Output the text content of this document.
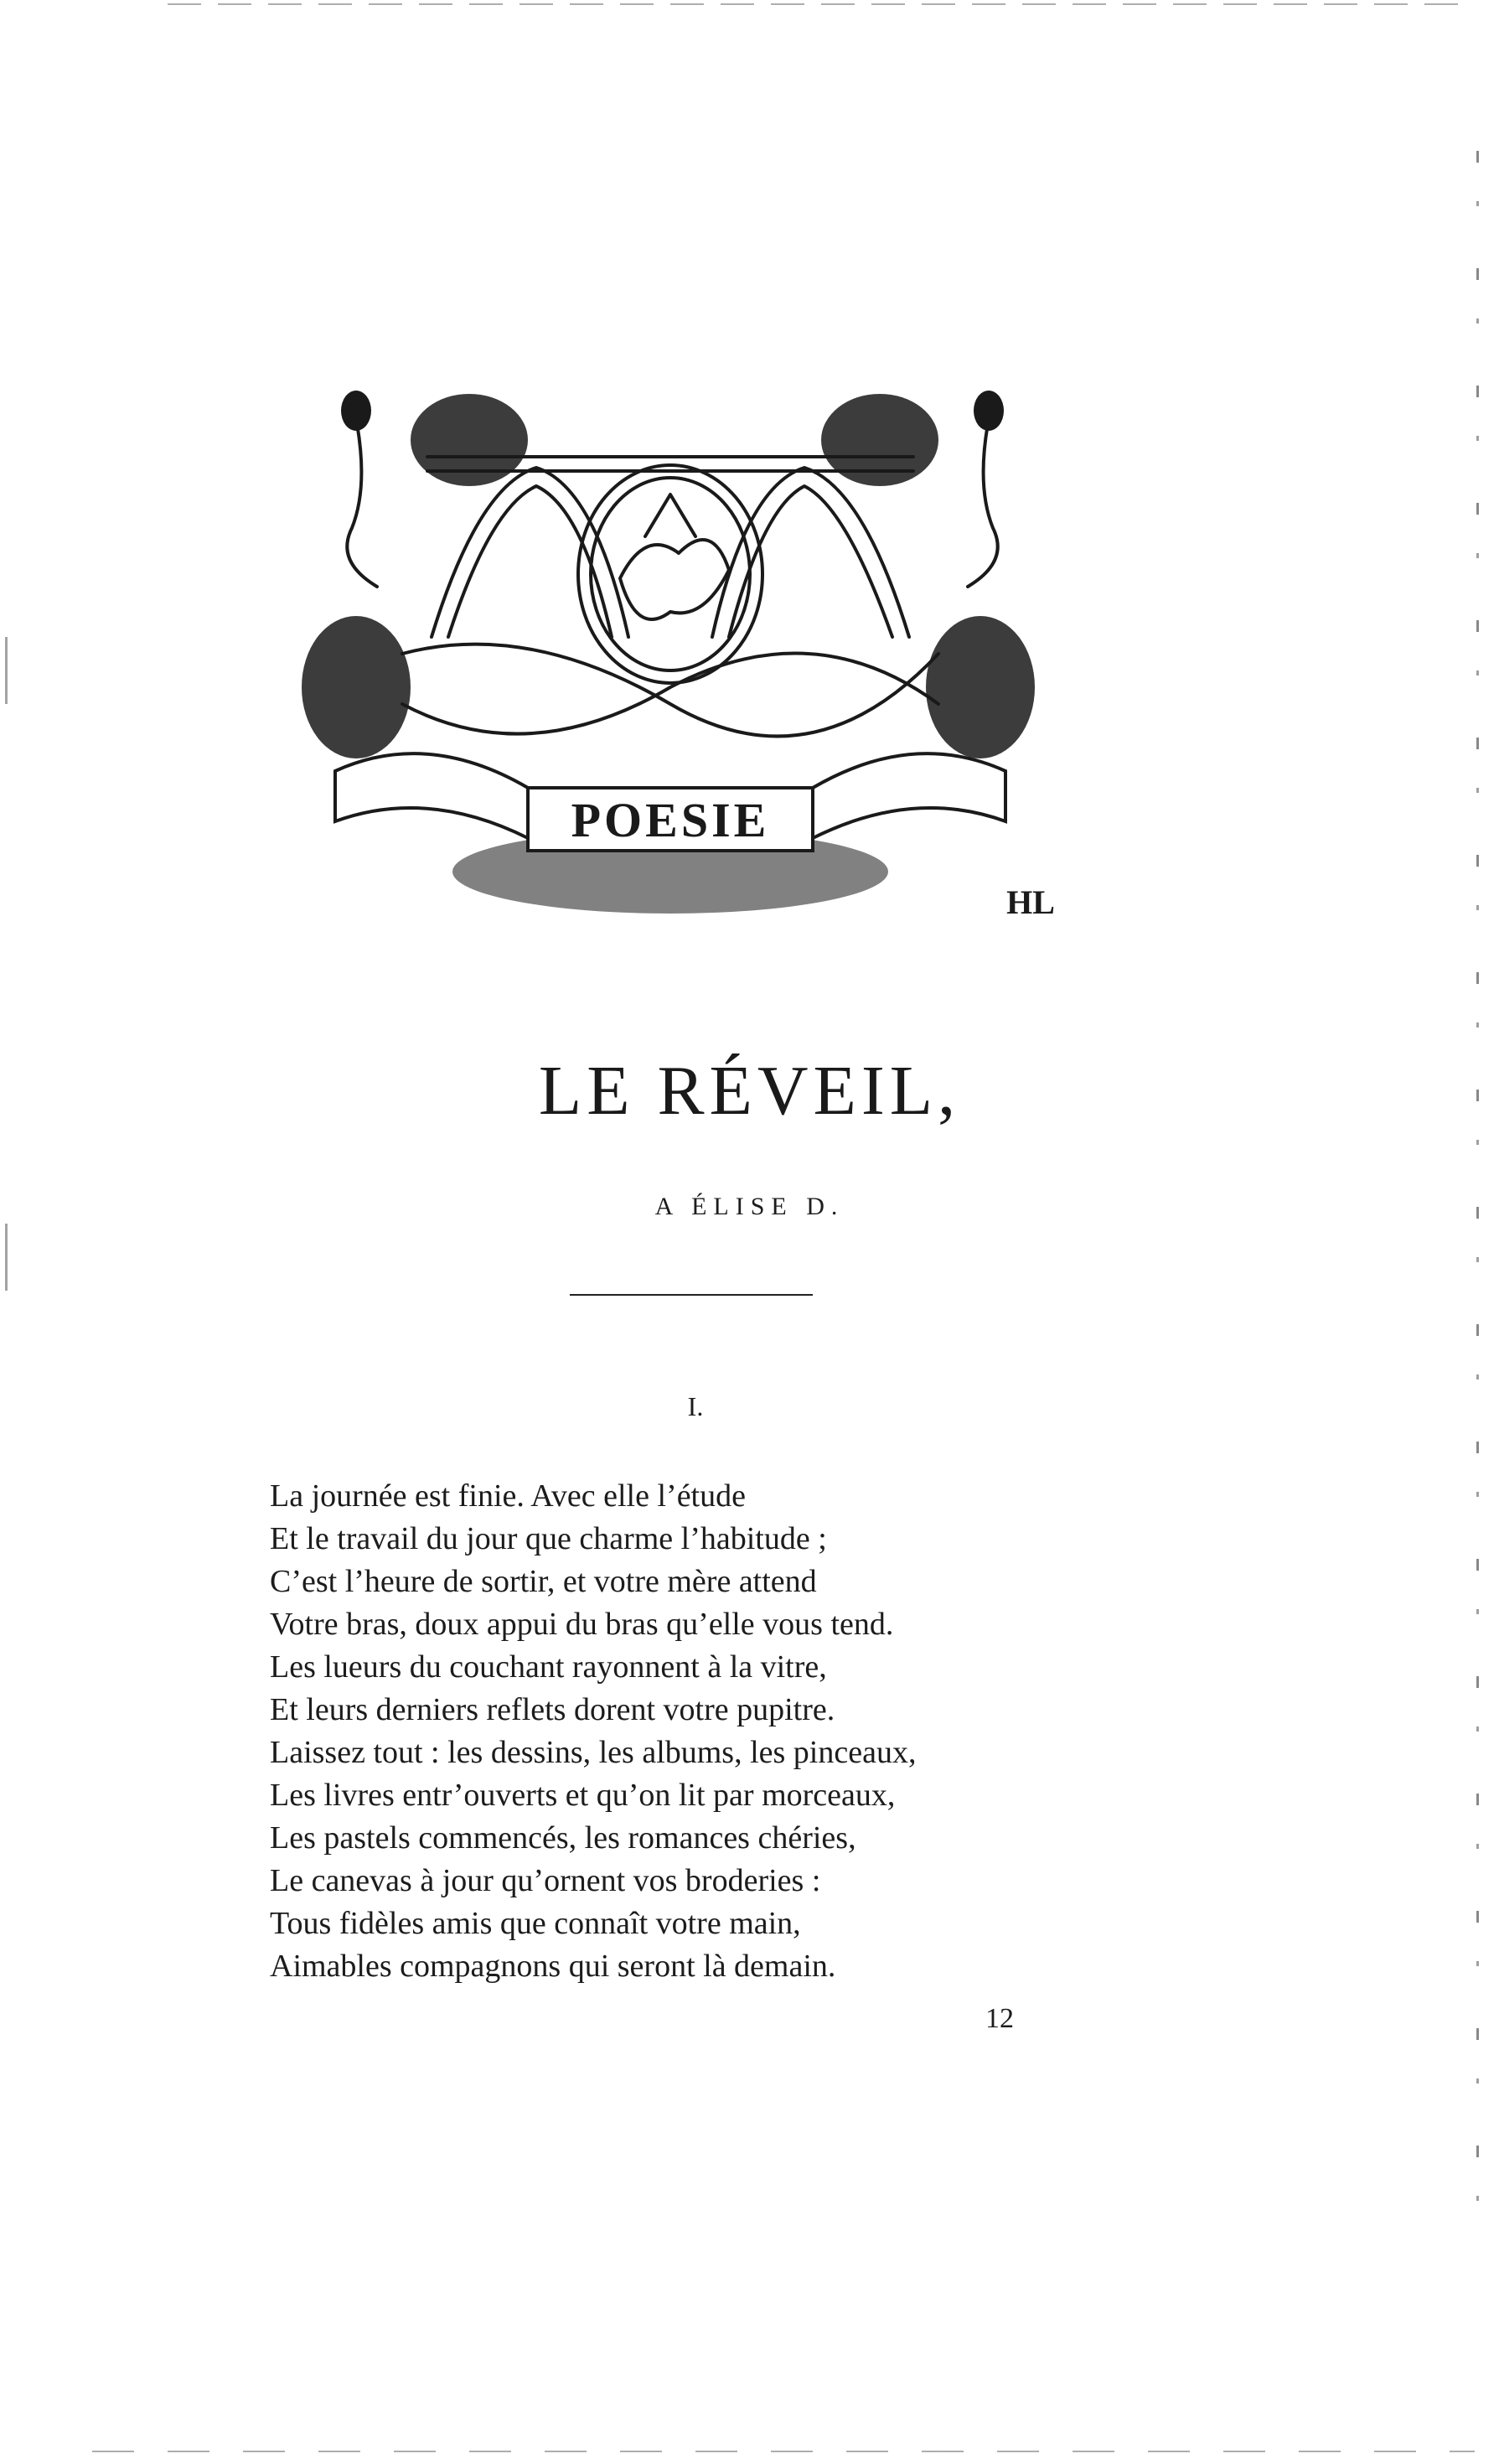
POESIE
HL
LE RÉVEIL,
A ÉLISE D.
I.
La journée est finie. Avec elle l’étude
Et le travail du jour que charme l’habitude ;
C’est l’heure de sortir, et votre mère attend
Votre bras, doux appui du bras qu’elle vous tend.
Les lueurs du couchant rayonnent à la vitre,
Et leurs derniers reflets dorent votre pupitre.
Laissez tout : les dessins, les albums, les pinceaux,
Les livres entr’ouverts et qu’on lit par morceaux,
Les pastels commencés, les romances chéries,
Le canevas à jour qu’ornent vos broderies :
Tous fidèles amis que connaît votre main,
Aimables compagnons qui seront là demain.
12
